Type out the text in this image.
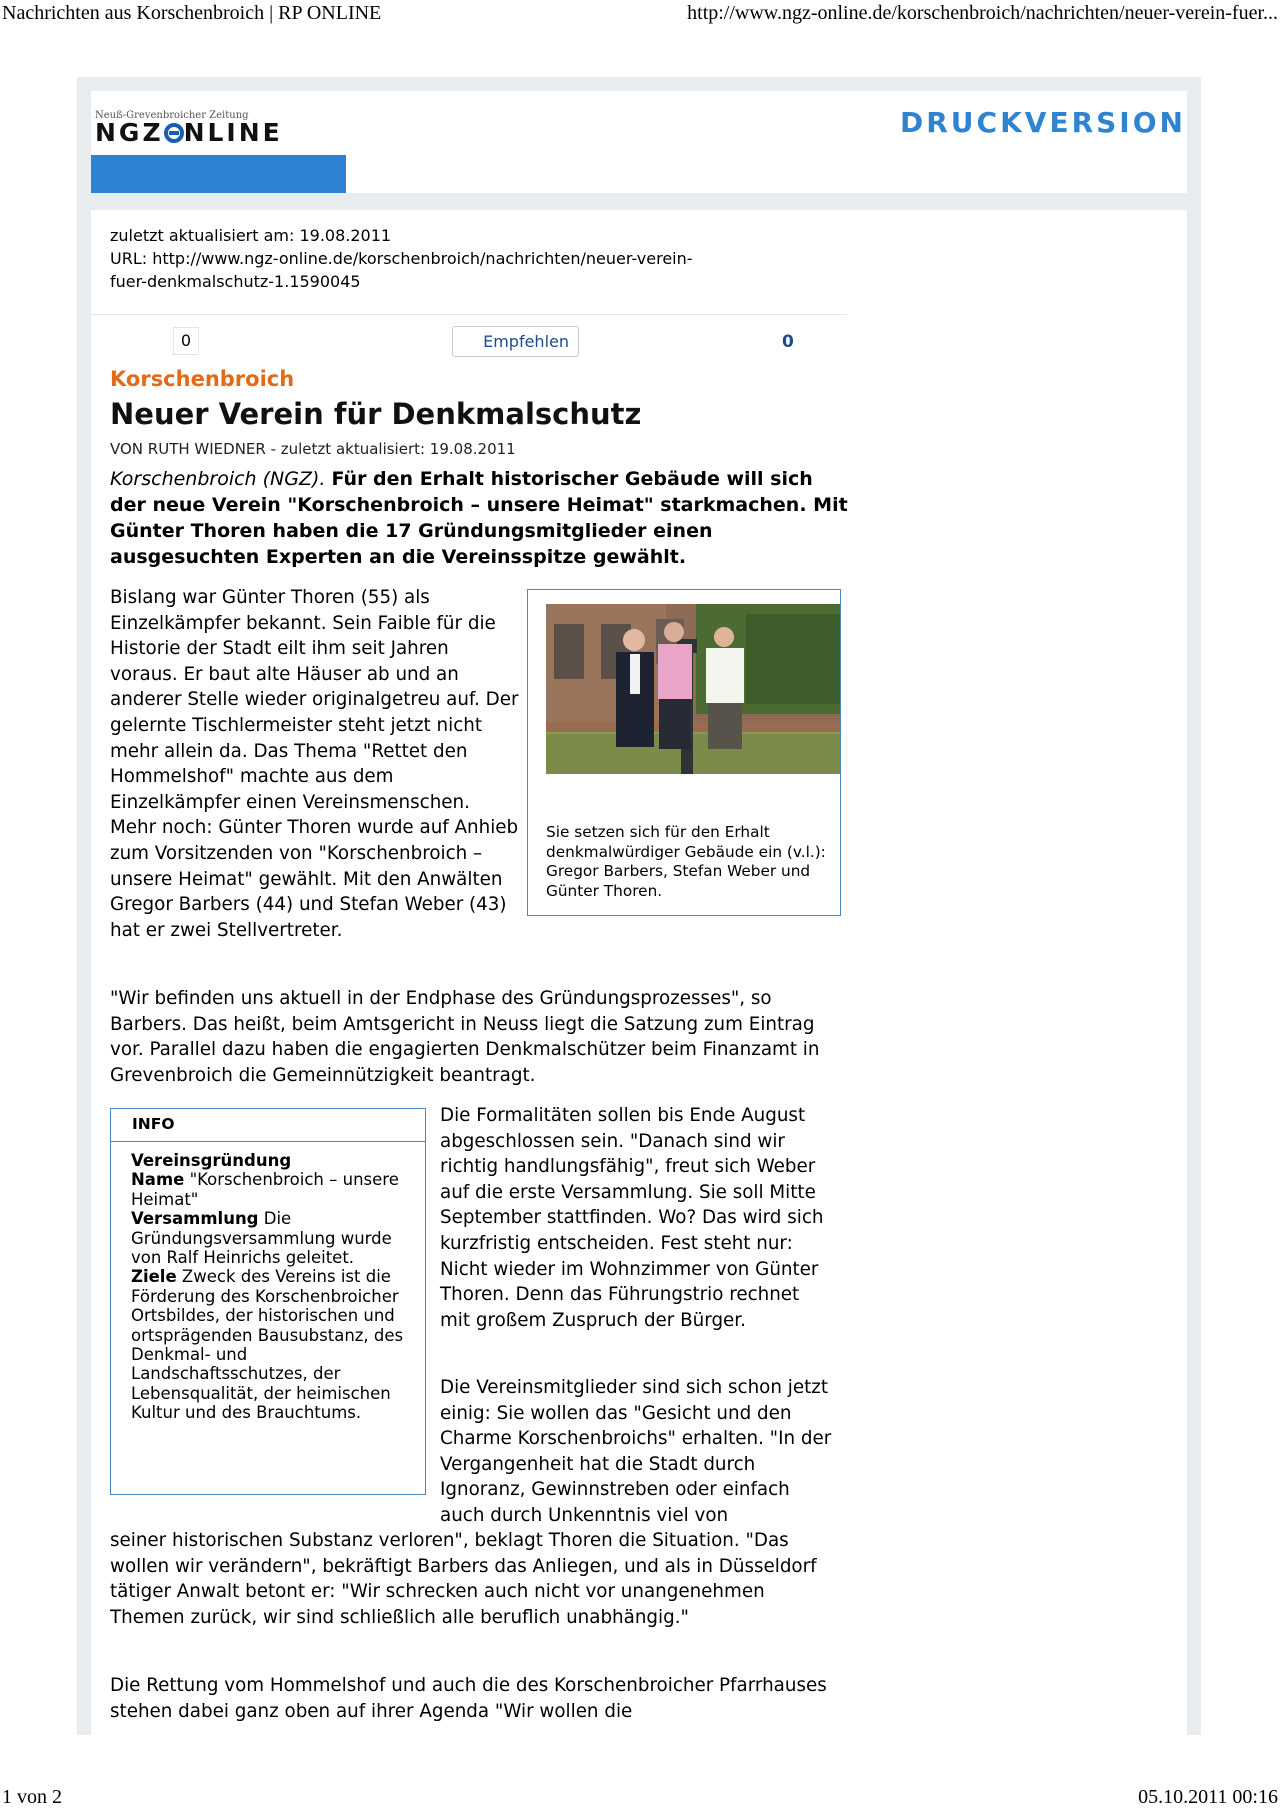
Nachrichten aus Korschenbroich | RP ONLINE	http://www.ngz-online.de/korschenbroich/nachrichten/neuer-verein-fuer...
Neuß-Grevenbroicher Zeitung
NGZ NLINE	DRUCKVERSION
zuletzt aktualisiert am: 19.08.2011
URL: http://www.ngz-online.de/korschenbroich/nachrichten/neuer-verein-
fuer-denkmalschutz-1.1590045
0	Empfehlen	0
Korschenbroich
Neuer Verein für Denkmalschutz
VON RUTH WIEDNER - zuletzt aktualisiert: 19.08.2011
Korschenbroich (NGZ). Für den Erhalt historischer Gebäude will sich der neue Verein "Korschenbroich – unsere Heimat" starkmachen. Mit Günter Thoren haben die 17 Gründungsmitglieder einen ausgesuchten Experten an die Vereinsspitze gewählt.

Bislang war Günter Thoren (55) als Einzelkämpfer bekannt. Sein Faible für die Historie der Stadt eilt ihm seit Jahren voraus. Er baut alte Häuser ab und an anderer Stelle wieder originalgetreu auf. Der gelernte Tischlermeister steht jetzt nicht mehr allein da. Das Thema "Rettet den Hommelshof" machte aus dem Einzelkämpfer einen Vereinsmenschen. Mehr noch: Günter Thoren wurde auf Anhieb zum Vorsitzenden von "Korschenbroich – unsere Heimat" gewählt. Mit den Anwälten Gregor Barbers (44) und Stefan Weber (43) hat er zwei Stellvertreter.

Sie setzen sich für den Erhalt denkmalwürdiger Gebäude ein (v.l.): Gregor Barbers, Stefan Weber und Günter Thoren.

"Wir befinden uns aktuell in der Endphase des Gründungsprozesses", so Barbers. Das heißt, beim Amtsgericht in Neuss liegt die Satzung zum Eintrag vor. Parallel dazu haben die engagierten Denkmalschützer beim Finanzamt in Grevenbroich die Gemeinnützigkeit beantragt.

INFO
Vereinsgründung
Name "Korschenbroich – unsere Heimat"
Versammlung Die Gründungsversammlung wurde von Ralf Heinrichs geleitet.
Ziele Zweck des Vereins ist die Förderung des Korschenbroicher Ortsbildes, der historischen und ortsprägenden Bausubstanz, des Denkmal- und Landschaftsschutzes, der Lebensqualität, der heimischen Kultur und des Brauchtums.

Die Formalitäten sollen bis Ende August abgeschlossen sein. "Danach sind wir richtig handlungsfähig", freut sich Weber auf die erste Versammlung. Sie soll Mitte September stattfinden. Wo? Das wird sich kurzfristig entscheiden. Fest steht nur: Nicht wieder im Wohnzimmer von Günter Thoren. Denn das Führungstrio rechnet mit großem Zuspruch der Bürger.

Die Vereinsmitglieder sind sich schon jetzt einig: Sie wollen das "Gesicht und den Charme Korschenbroichs" erhalten. "In der Vergangenheit hat die Stadt durch Ignoranz, Gewinnstreben oder einfach auch durch Unkenntnis viel von

seiner historischen Substanz verloren", beklagt Thoren die Situation. "Das wollen wir verändern", bekräftigt Barbers das Anliegen, und als in Düsseldorf tätiger Anwalt betont er: "Wir schrecken auch nicht vor unangenehmen Themen zurück, wir sind schließlich alle beruflich unabhängig."

Die Rettung vom Hommelshof und auch die des Korschenbroicher Pfarrhauses stehen dabei ganz oben auf ihrer Agenda "Wir wollen die

1 von 2	05.10.2011 00:16
